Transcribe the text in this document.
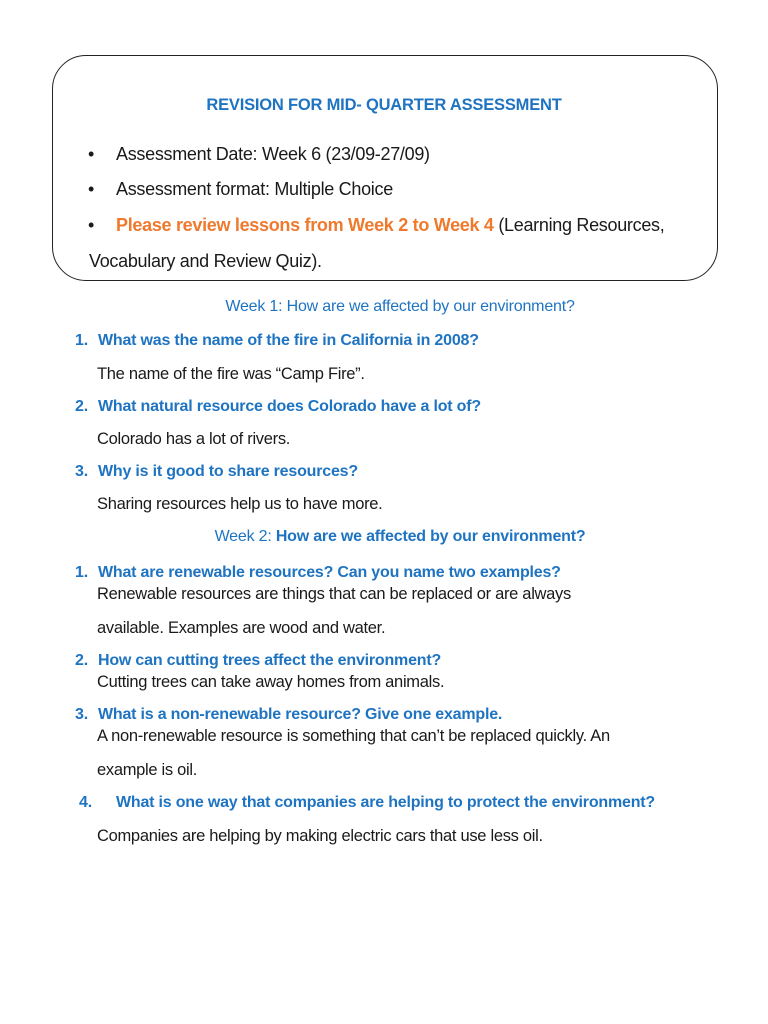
REVISION FOR MID- QUARTER ASSESSMENT
•	Assessment Date: Week 6 (23/09-27/09)
•	Assessment format: Multiple Choice
•	Please review lessons from Week 2 to Week 4 (Learning Resources,
Vocabulary and Review Quiz).
Week 1: How are we affected by our environment?
1. What was the name of the fire in California in 2008?
The name of the fire was “Camp Fire”.
2. What natural resource does Colorado have a lot of?
Colorado has a lot of rivers.
3. Why is it good to share resources?
Sharing resources help us to have more.
Week 2: How are we affected by our environment?
1. What are renewable resources? Can you name two examples?
Renewable resources are things that can be replaced or are always
available. Examples are wood and water.
2. How can cutting trees affect the environment?
Cutting trees can take away homes from animals.
3. What is a non-renewable resource? Give one example.
A non-renewable resource is something that can’t be replaced quickly. An
example is oil.
4. What is one way that companies are helping to protect the environment?
Companies are helping by making electric cars that use less oil.
